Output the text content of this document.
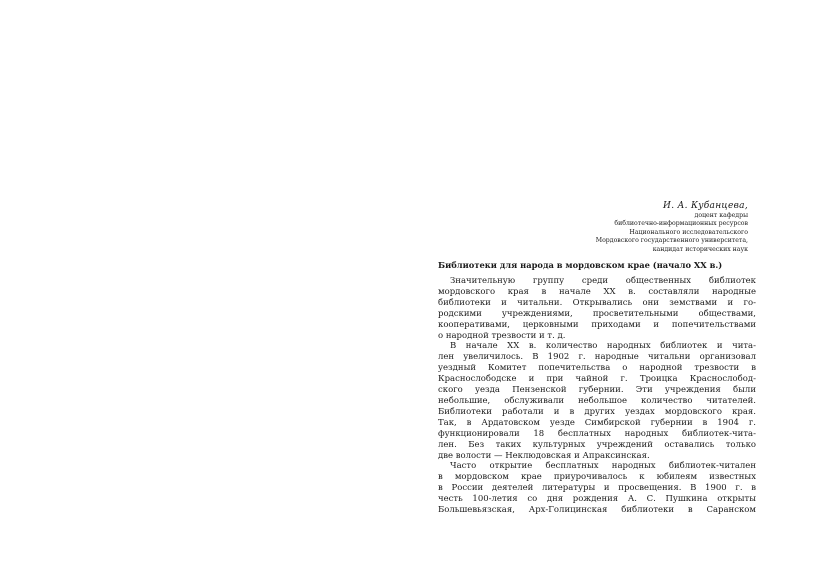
И. А. Кубанцева,
доцент кафедры
библиотечно-информационных ресурсов
Национального исследовательского
Мордовского государственного университета,
кандидат исторических наук
Библиотеки для народа в мордовском крае (начало XX в.)
Значительную группу среди общественных библиотек
мордовского края в начале XX в. составляли народные
библиотеки и читальни. Открывались они земствами и го-
родскими учреждениями, просветительными обществами,
кооперативами, церковными приходами и попечительствами
о народной трезвости и т. д.
В начале XX в. количество народных библиотек и чита-
лен увеличилось. В 1902 г. народные читальни организовал
уездный Комитет попечительства о народной трезвости в
Краснослободске и при чайной г. Троицка Краснослобод-
ского уезда Пензенской губернии. Эти учреждения были
небольшие, обслуживали небольшое количество читателей.
Библиотеки работали и в других уездах мордовского края.
Так, в Ардатовском уезде Симбирской губернии в 1904 г.
функционировали 18 бесплатных народных библиотек-чита-
лен. Без таких культурных учреждений оставались только
две волости — Неклюдовская и Апраксинская.
Часто открытие бесплатных народных библиотек-читален
в мордовском крае приурочивалось к юбилеям известных
в России деятелей литературы и просвещения. В 1900 г. в
честь 100-летия со дня рождения А. С. Пушкина открыты
Большевьязская, Арх-Голицинская библиотеки в Саранском
